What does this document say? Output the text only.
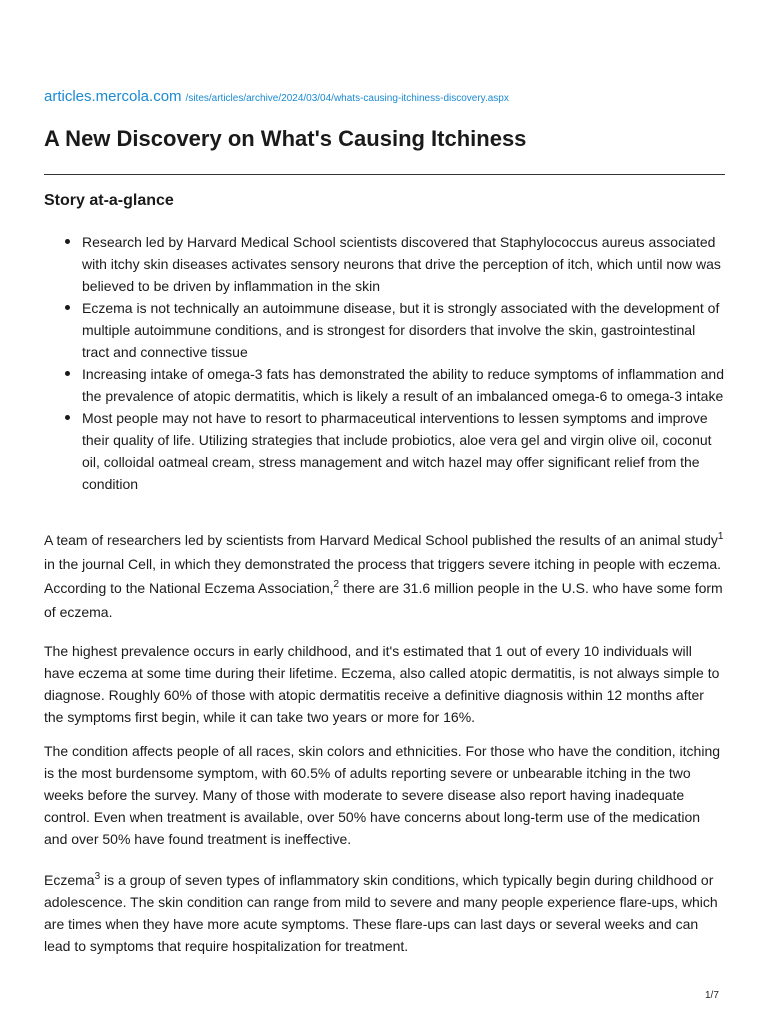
articles.mercola.com /sites/articles/archive/2024/03/04/whats-causing-itchiness-discovery.aspx
A New Discovery on What's Causing Itchiness
Story at-a-glance
Research led by Harvard Medical School scientists discovered that Staphylococcus aureus associated with itchy skin diseases activates sensory neurons that drive the perception of itch, which until now was believed to be driven by inflammation in the skin
Eczema is not technically an autoimmune disease, but it is strongly associated with the development of multiple autoimmune conditions, and is strongest for disorders that involve the skin, gastrointestinal tract and connective tissue
Increasing intake of omega-3 fats has demonstrated the ability to reduce symptoms of inflammation and the prevalence of atopic dermatitis, which is likely a result of an imbalanced omega-6 to omega-3 intake
Most people may not have to resort to pharmaceutical interventions to lessen symptoms and improve their quality of life. Utilizing strategies that include probiotics, aloe vera gel and virgin olive oil, coconut oil, colloidal oatmeal cream, stress management and witch hazel may offer significant relief from the condition

A team of researchers led by scientists from Harvard Medical School published the results of an animal study$^1$ in the journal Cell, in which they demonstrated the process that triggers severe itching in people with eczema. According to the National Eczema Association,$^2$ there are 31.6 million people in the U.S. who have some form of eczema.

The highest prevalence occurs in early childhood, and it's estimated that 1 out of every 10 individuals will have eczema at some time during their lifetime. Eczema, also called atopic dermatitis, is not always simple to diagnose. Roughly 60% of those with atopic dermatitis receive a definitive diagnosis within 12 months after the symptoms first begin, while it can take two years or more for 16%.

The condition affects people of all races, skin colors and ethnicities. For those who have the condition, itching is the most burdensome symptom, with 60.5% of adults reporting severe or unbearable itching in the two weeks before the survey. Many of those with moderate to severe disease also report having inadequate control. Even when treatment is available, over 50% have concerns about long-term use of the medication and over 50% have found treatment is ineffective.

Eczema$^3$ is a group of seven types of inflammatory skin conditions, which typically begin during childhood or adolescence. The skin condition can range from mild to severe and many people experience flare-ups, which are times when they have more acute symptoms. These flare-ups can last days or several weeks and can lead to symptoms that require hospitalization for treatment.

1/7
